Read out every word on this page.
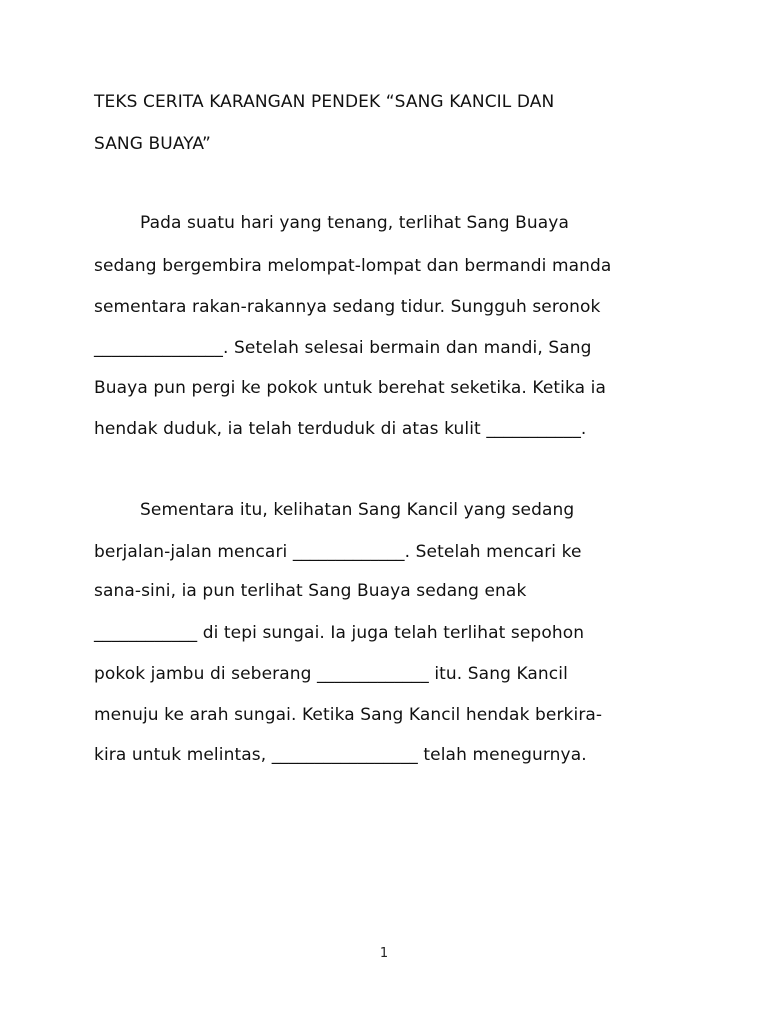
TEKS CERITA KARANGAN PENDEK “SANG KANCIL DAN
SANG BUAYA”
Pada suatu hari yang tenang, terlihat Sang Buaya
sedang bergembira melompat-lompat dan bermandi manda
sementara rakan-rakannya sedang tidur. Sungguh seronok
_______________. Setelah selesai bermain dan mandi, Sang
Buaya pun pergi ke pokok untuk berehat seketika. Ketika ia
hendak duduk, ia telah terduduk di atas kulit ___________.
Sementara itu, kelihatan Sang Kancil yang sedang
berjalan-jalan mencari _____________. Setelah mencari ke
sana-sini, ia pun terlihat Sang Buaya sedang enak
____________ di tepi sungai. Ia juga telah terlihat sepohon
pokok jambu di seberang _____________ itu. Sang Kancil
menuju ke arah sungai. Ketika Sang Kancil hendak berkira-
kira untuk melintas, _________________ telah menegurnya.
1
